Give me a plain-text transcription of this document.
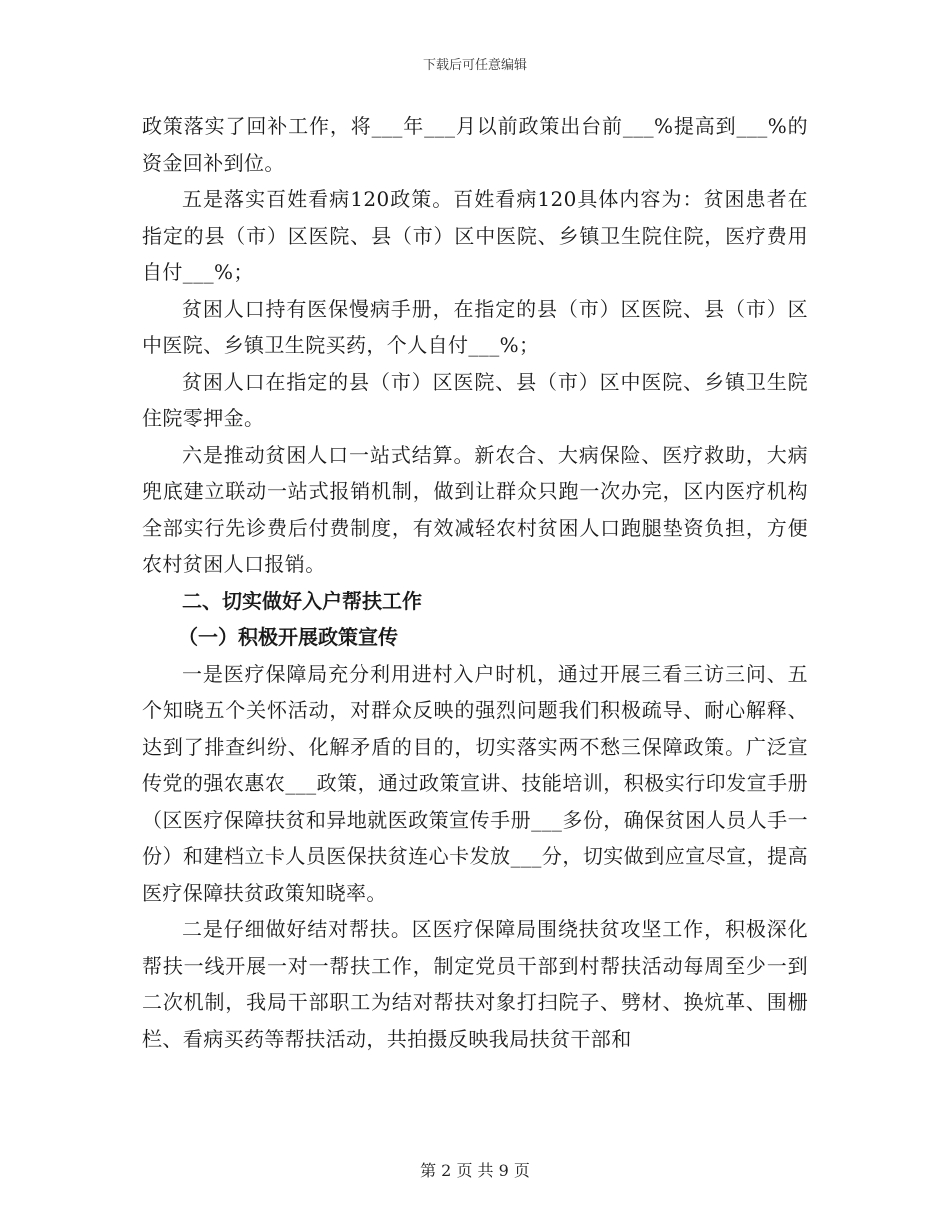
下载后可任意编辑

政策落实了回补工作，将___年___月以前政策出台前___%提高到___%的资金回补到位。

五是落实百姓看病120政策。百姓看病120具体内容为：贫困患者在指定的县（市）区医院、县（市）区中医院、乡镇卫生院住院，医疗费用自付___%；

贫困人口持有医保慢病手册，在指定的县（市）区医院、县（市）区中医院、乡镇卫生院买药，个人自付___%；

贫困人口在指定的县（市）区医院、县（市）区中医院、乡镇卫生院住院零押金。

六是推动贫困人口一站式结算。新农合、大病保险、医疗救助，大病兜底建立联动一站式报销机制，做到让群众只跑一次办完，区内医疗机构全部实行先诊费后付费制度，有效减轻农村贫困人口跑腿垫资负担，方便农村贫困人口报销。

二、切实做好入户帮扶工作

（一）积极开展政策宣传

一是医疗保障局充分利用进村入户时机，通过开展三看三访三问、五个知晓五个关怀活动，对群众反映的强烈问题我们积极疏导、耐心解释、达到了排查纠纷、化解矛盾的目的，切实落实两不愁三保障政策。广泛宣传党的强农惠农___政策，通过政策宣讲、技能培训，积极实行印发宣手册（区医疗保障扶贫和异地就医政策宣传手册___多份，确保贫困人员人手一份）和建档立卡人员医保扶贫连心卡发放___分，切实做到应宣尽宣，提高医疗保障扶贫政策知晓率。

二是仔细做好结对帮扶。区医疗保障局围绕扶贫攻坚工作，积极深化帮扶一线开展一对一帮扶工作，制定党员干部到村帮扶活动每周至少一到二次机制，我局干部职工为结对帮扶对象打扫院子、劈材、换炕革、围栅栏、看病买药等帮扶活动，共拍摄反映我局扶贫干部和

第 2 页 共 9 页
